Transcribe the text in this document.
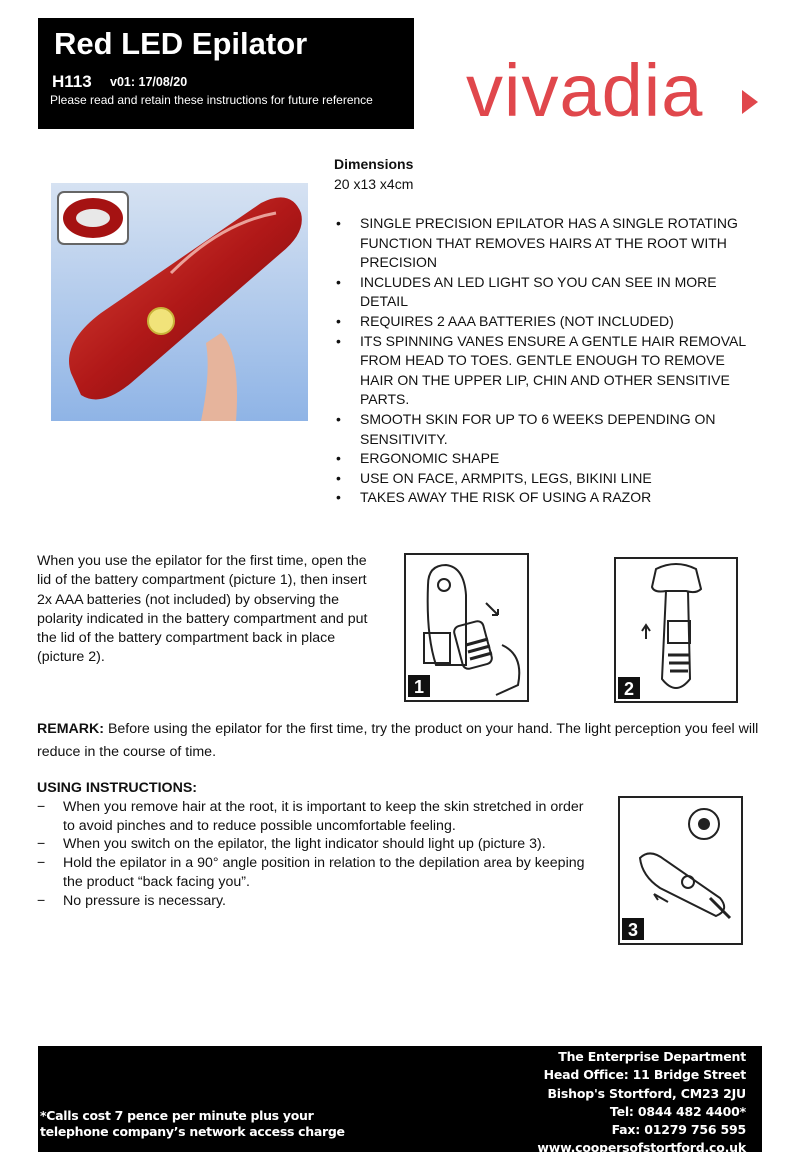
Red LED Epilator
H113 v01: 17/08/20
Please read and retain these instructions for future reference vivadia
Dimensions
20 x13 x4cm
• SINGLE PRECISION EPILATOR HAS A SINGLE ROTATING FUNCTION THAT REMOVES HAIRS AT THE ROOT WITH PRECISION
• INCLUDES AN LED LIGHT SO YOU CAN SEE IN MORE DETAIL
• REQUIRES 2 AAA BATTERIES (NOT INCLUDED)
• ITS SPINNING VANES ENSURE A GENTLE HAIR REMOVAL FROM HEAD TO TOES. GENTLE ENOUGH TO REMOVE HAIR ON THE UPPER LIP, CHIN AND OTHER SENSITIVE PARTS.
• SMOOTH SKIN FOR UP TO 6 WEEKS DEPENDING ON SENSITIVITY.
• ERGONOMIC SHAPE
• USE ON FACE, ARMPITS, LEGS, BIKINI LINE
• TAKES AWAY THE RISK OF USING A RAZOR
When you use the epilator for the first time, open the lid of the battery compartment (picture 1), then insert 2x AAA batteries (not included) by observing the polarity indicated in the battery compartment and put the lid of the battery compartment back in place (picture 2).
1	2
REMARK: Before using the epilator for the first time, try the product on your hand. The light perception you feel will reduce in the course of time.
USING INSTRUCTIONS:
− When you remove hair at the root, it is important to keep the skin stretched in order to avoid pinches and to reduce possible uncomfortable feeling.
− When you switch on the epilator, the light indicator should light up (picture 3).
− Hold the epilator in a 90° angle position in relation to the depilation area by keeping the product “back facing you”.
− No pressure is necessary.
3
*Calls cost 7 pence per minute plus your
telephone company’s network access charge
The Enterprise Department
Head Office: 11 Bridge Street
Bishop's Stortford, CM23 2JU
Tel: 0844 482 4400*
Fax: 01279 756 595
www.coopersofstortford.co.uk
